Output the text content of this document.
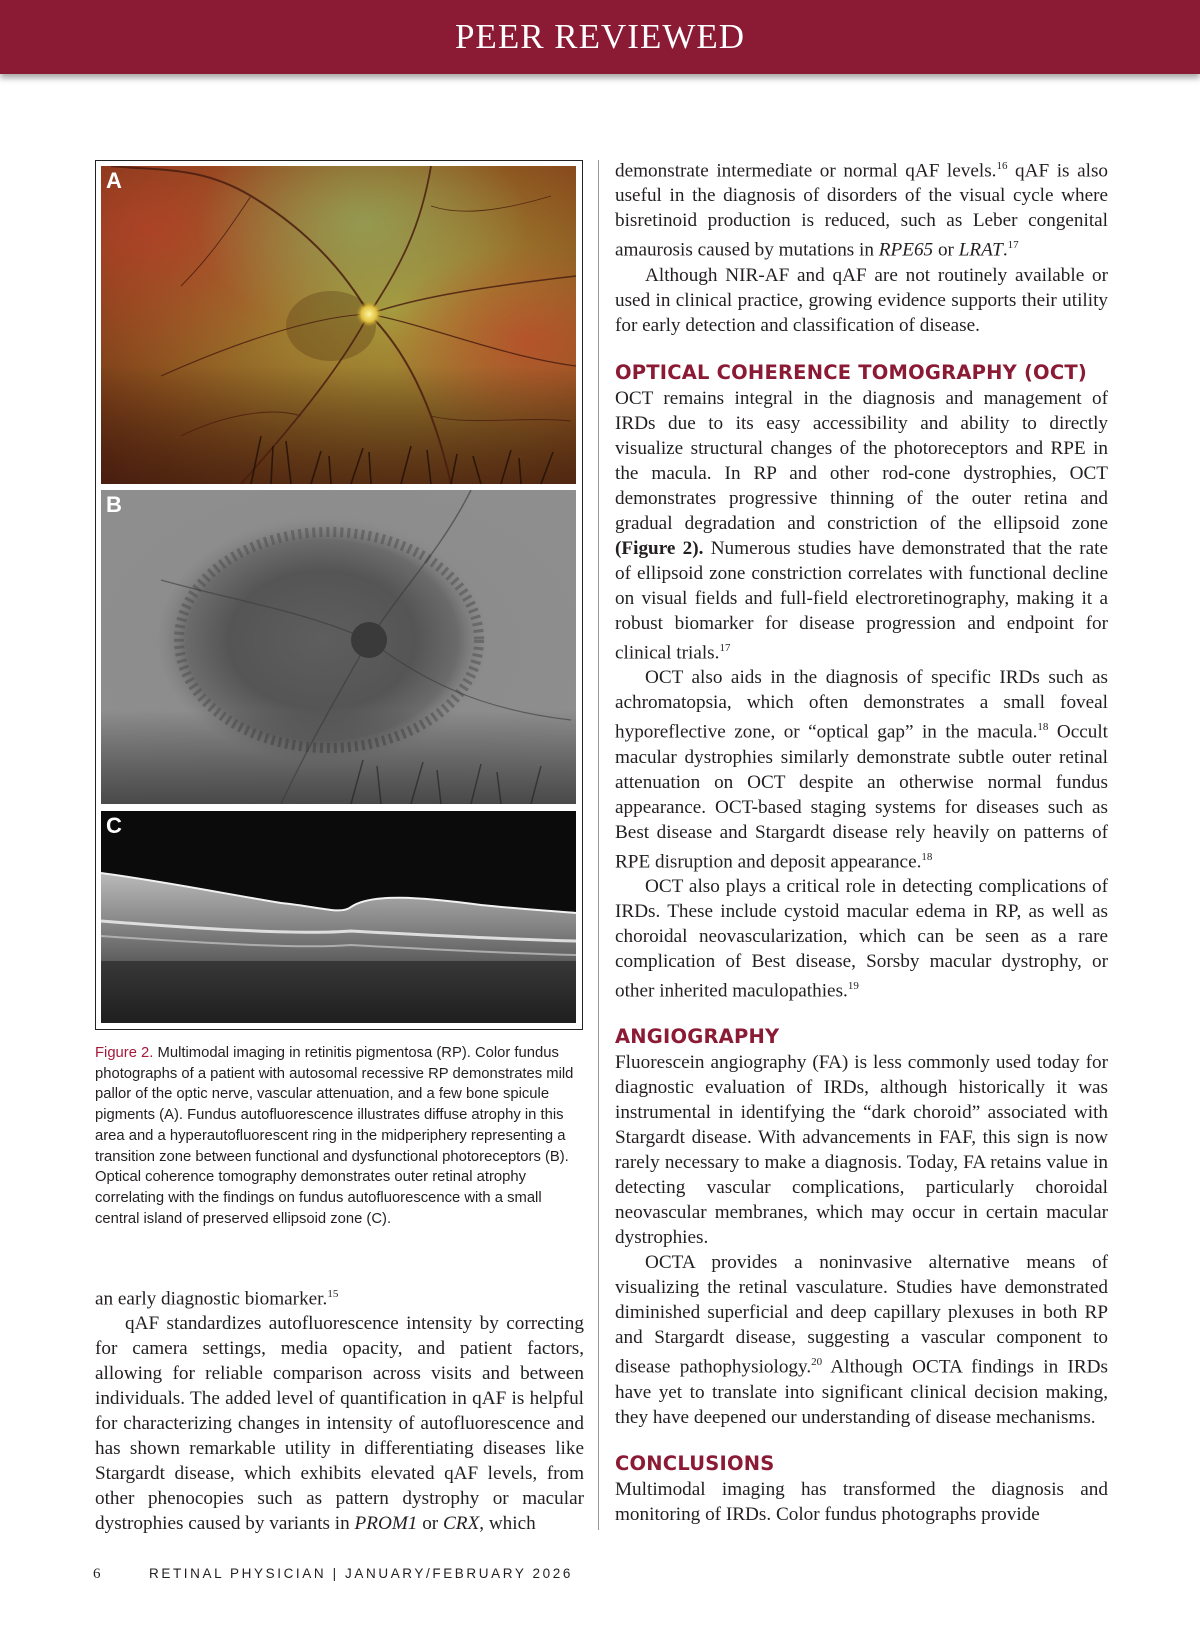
PEER REVIEWED
A
B
C
Figure 2. Multimodal imaging in retinitis pigmentosa (RP). Color fundus photographs of a patient with autosomal recessive RP demonstrates mild pallor of the optic nerve, vascular attenuation, and a few bone spicule pigments (A). Fundus autofluorescence illustrates diffuse atrophy in this area and a hyperautofluorescent ring in the midperiphery representing a transition zone between functional and dysfunctional photoreceptors (B). Optical coherence tomography demonstrates outer retinal atrophy correlating with the findings on fundus autofluorescence with a small central island of preserved ellipsoid zone (C).

an early diagnostic biomarker.$^{15}$

qAF standardizes autofluorescence intensity by correcting for camera settings, media opacity, and patient factors, allowing for reliable comparison across visits and between individuals. The added level of quantification in qAF is helpful for characterizing changes in intensity of autofluorescence and has shown remarkable utility in differentiating diseases like Stargardt disease, which exhibits elevated qAF levels, from other phenocopies such as pattern dystrophy or macular dystrophies caused by variants in PROM1 or CRX, which

demonstrate intermediate or normal qAF levels.$^{16}$ qAF is also useful in the diagnosis of disorders of the visual cycle where bisretinoid production is reduced, such as Leber congenital amaurosis caused by mutations in RPE65 or LRAT.$^{17}$

Although NIR-AF and qAF are not routinely available or used in clinical practice, growing evidence supports their utility for early detection and classification of disease.

OPTICAL COHERENCE TOMOGRAPHY (OCT)

OCT remains integral in the diagnosis and management of IRDs due to its easy accessibility and ability to directly visualize structural changes of the photoreceptors and RPE in the macula. In RP and other rod-cone dystrophies, OCT demonstrates progressive thinning of the outer retina and gradual degradation and constriction of the ellipsoid zone (Figure 2). Numerous studies have demonstrated that the rate of ellipsoid zone constriction correlates with functional decline on visual fields and full-field electroretinography, making it a robust biomarker for disease progression and endpoint for clinical trials.$^{17}$

OCT also aids in the diagnosis of specific IRDs such as achromatopsia, which often demonstrates a small foveal hyporeflective zone, or “optical gap” in the macula.$^{18}$ Occult macular dystrophies similarly demonstrate subtle outer retinal attenuation on OCT despite an otherwise normal fundus appearance. OCT-based staging systems for diseases such as Best disease and Stargardt disease rely heavily on patterns of RPE disruption and deposit appearance.$^{18}$

OCT also plays a critical role in detecting complications of IRDs. These include cystoid macular edema in RP, as well as choroidal neovascularization, which can be seen as a rare complication of Best disease, Sorsby macular dystrophy, or other inherited maculopathies.$^{19}$

ANGIOGRAPHY

Fluorescein angiography (FA) is less commonly used today for diagnostic evaluation of IRDs, although historically it was instrumental in identifying the “dark choroid” associated with Stargardt disease. With advancements in FAF, this sign is now rarely necessary to make a diagnosis. Today, FA retains value in detecting vascular complications, particularly choroidal neovascular membranes, which may occur in certain macular dystrophies.

OCTA provides a noninvasive alternative means of visualizing the retinal vasculature. Studies have demonstrated diminished superficial and deep capillary plexuses in both RP and Stargardt disease, suggesting a vascular component to disease pathophysiology.$^{20}$ Although OCTA findings in IRDs have yet to translate into significant clinical decision making, they have deepened our understanding of disease mechanisms.

CONCLUSIONS

Multimodal imaging has transformed the diagnosis and monitoring of IRDs. Color fundus photographs provide

6	RETINAL PHYSICIAN | JANUARY/FEBRUARY 2026
